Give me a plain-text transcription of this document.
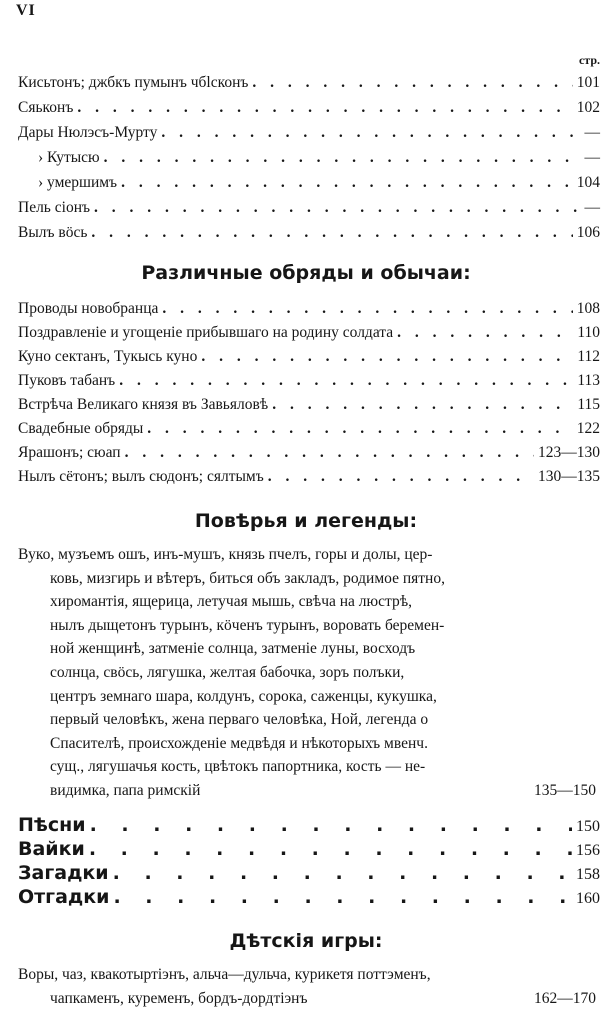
VI
стр.
Кисьтонъ; джбкъ пумынъ чбlсконъ . . .	101
Сяьконъ . . .	102
Дары Нюлэсъ-Мурту . . .	—
› Кутысю . . .	—
› умершимъ . . .	104
Пель сiонъ . . .	—
Вылъ вöсь . . .	106
Различные обряды и обычаи:
Проводы новобранца . . .	108
Поздравленiе и угощенiе прибывшаго на родину солдата . . .	110
Куно сектанъ, Тукысь куно . . .	112
Пуковъ табанъ . . .	113
Встрѣча Великаго князя въ Завьяловѣ . . .	115
Свадебные обряды . . .	122
Ярашонъ; сюап . . .	123—130
Нылъ сётонъ; вылъ сюдонъ; сялтымъ . . .	130—135
Повѣрья и легенды:
Вуко, музъемъ ошъ, инъ-мушъ, князь пчелъ, горы и долы, цер-
ковь, мизгирь и вѣтеръ, биться объ закладъ, родимое пятно,
хиромантiя, ящерица, летучая мышь, свѣча на люстрѣ,
нылъ дыщетонъ турынъ, кöченъ турынъ, воровать беремен-
ной женщинѣ, затменiе солнца, затменiе луны, восходъ
солнца, свöсь, лягушка, желтая бабочка, зоръ полъки,
центръ земнаго шара, колдунъ, сорока, саженцы, кукушка,
первый человѣкъ, жена перваго человѣка, Ной, легенда о
Спасителѣ, происхожденiе медвѣдя и нѣкоторыхъ мвенч.
сущ., лягушачья кость, цвѣтокъ папортника, кость — не-
видимка, папа римскiй	135—150
Пѣсни . . .	150
Вайки . . .	156
Загадки . . .	158
Отгадки . . .	160
Дѣтскiя игры:
Воры, чаз, квакотыртiэнъ, альча—дульча, курикетя поттэменъ,
чапкаменъ, куременъ, бордъ-дордтiэнъ	162—170
